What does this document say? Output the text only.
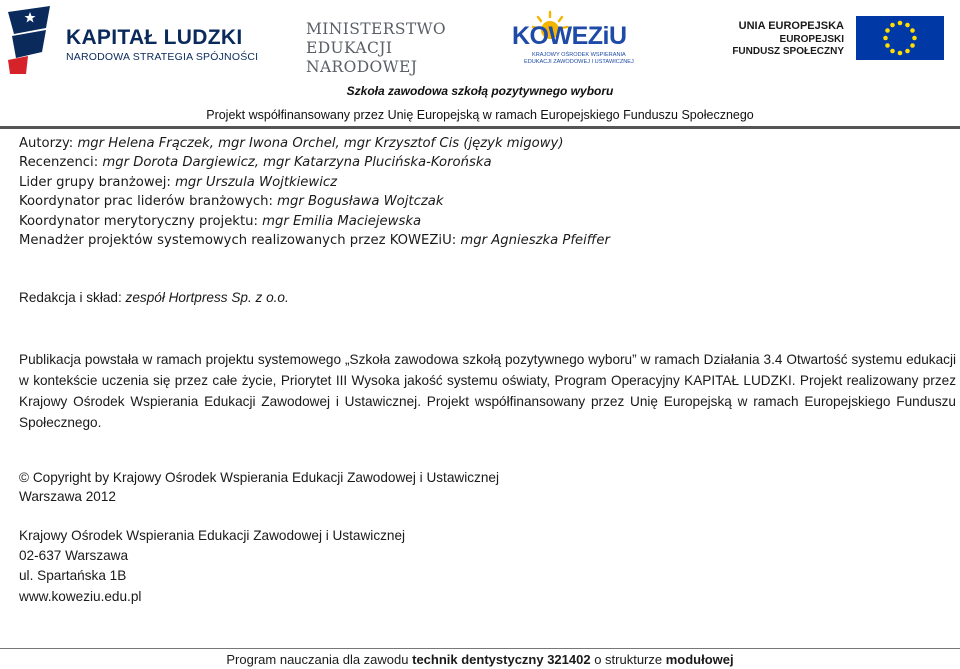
KAPITAŁ LUDZKI
NARODOWA STRATEGIA SPÓJNOŚCI
MINISTERSTWO
EDUKACJI
NARODOWEJ
KOWEZiU
KRAJOWY OŚRODEK WSPIERANIA
EDUKACJI ZAWODOWEJ I USTAWICZNEJ
UNIA EUROPEJSKA
EUROPEJSKI
FUNDUSZ SPOŁECZNY
Szkoła zawodowa szkołą pozytywnego wyboru
Projekt współfinansowany przez Unię Europejską w ramach Europejskiego Funduszu Społecznego
Autorzy: mgr Helena Frączek, mgr Iwona Orchel, mgr Krzysztof Cis (język migowy)
Recenzenci: mgr Dorota Dargiewicz, mgr Katarzyna Plucińska-Korońska
Lider grupy branżowej: mgr Urszula Wojtkiewicz
Koordynator prac liderów branżowych: mgr Bogusława Wojtczak
Koordynator merytoryczny projektu: mgr Emilia Maciejewska
Menadżer projektów systemowych realizowanych przez KOWEZiU: mgr Agnieszka Pfeiffer
Redakcja i skład: zespół Hortpress Sp. z o.o.
Publikacja powstała w ramach projektu systemowego „Szkoła zawodowa szkołą pozytywnego wyboru” w ramach Działania 3.4 Otwartość systemu edukacji w kontekście uczenia się przez całe życie, Priorytet III Wysoka jakość systemu oświaty, Program Operacyjny KAPITAŁ LUDZKI. Projekt realizowany przez Krajowy Ośrodek Wspierania Edukacji Zawodowej i Ustawicznej. Projekt współfinansowany przez Unię Europejską w ramach Europejskiego Funduszu Społecznego.
© Copyright by Krajowy Ośrodek Wspierania Edukacji Zawodowej i Ustawicznej
Warszawa 2012
Krajowy Ośrodek Wspierania Edukacji Zawodowej i Ustawicznej
02-637 Warszawa
ul. Spartańska 1B
www.koweziu.edu.pl
Program nauczania dla zawodu technik dentystyczny 321402 o strukturze modułowej
